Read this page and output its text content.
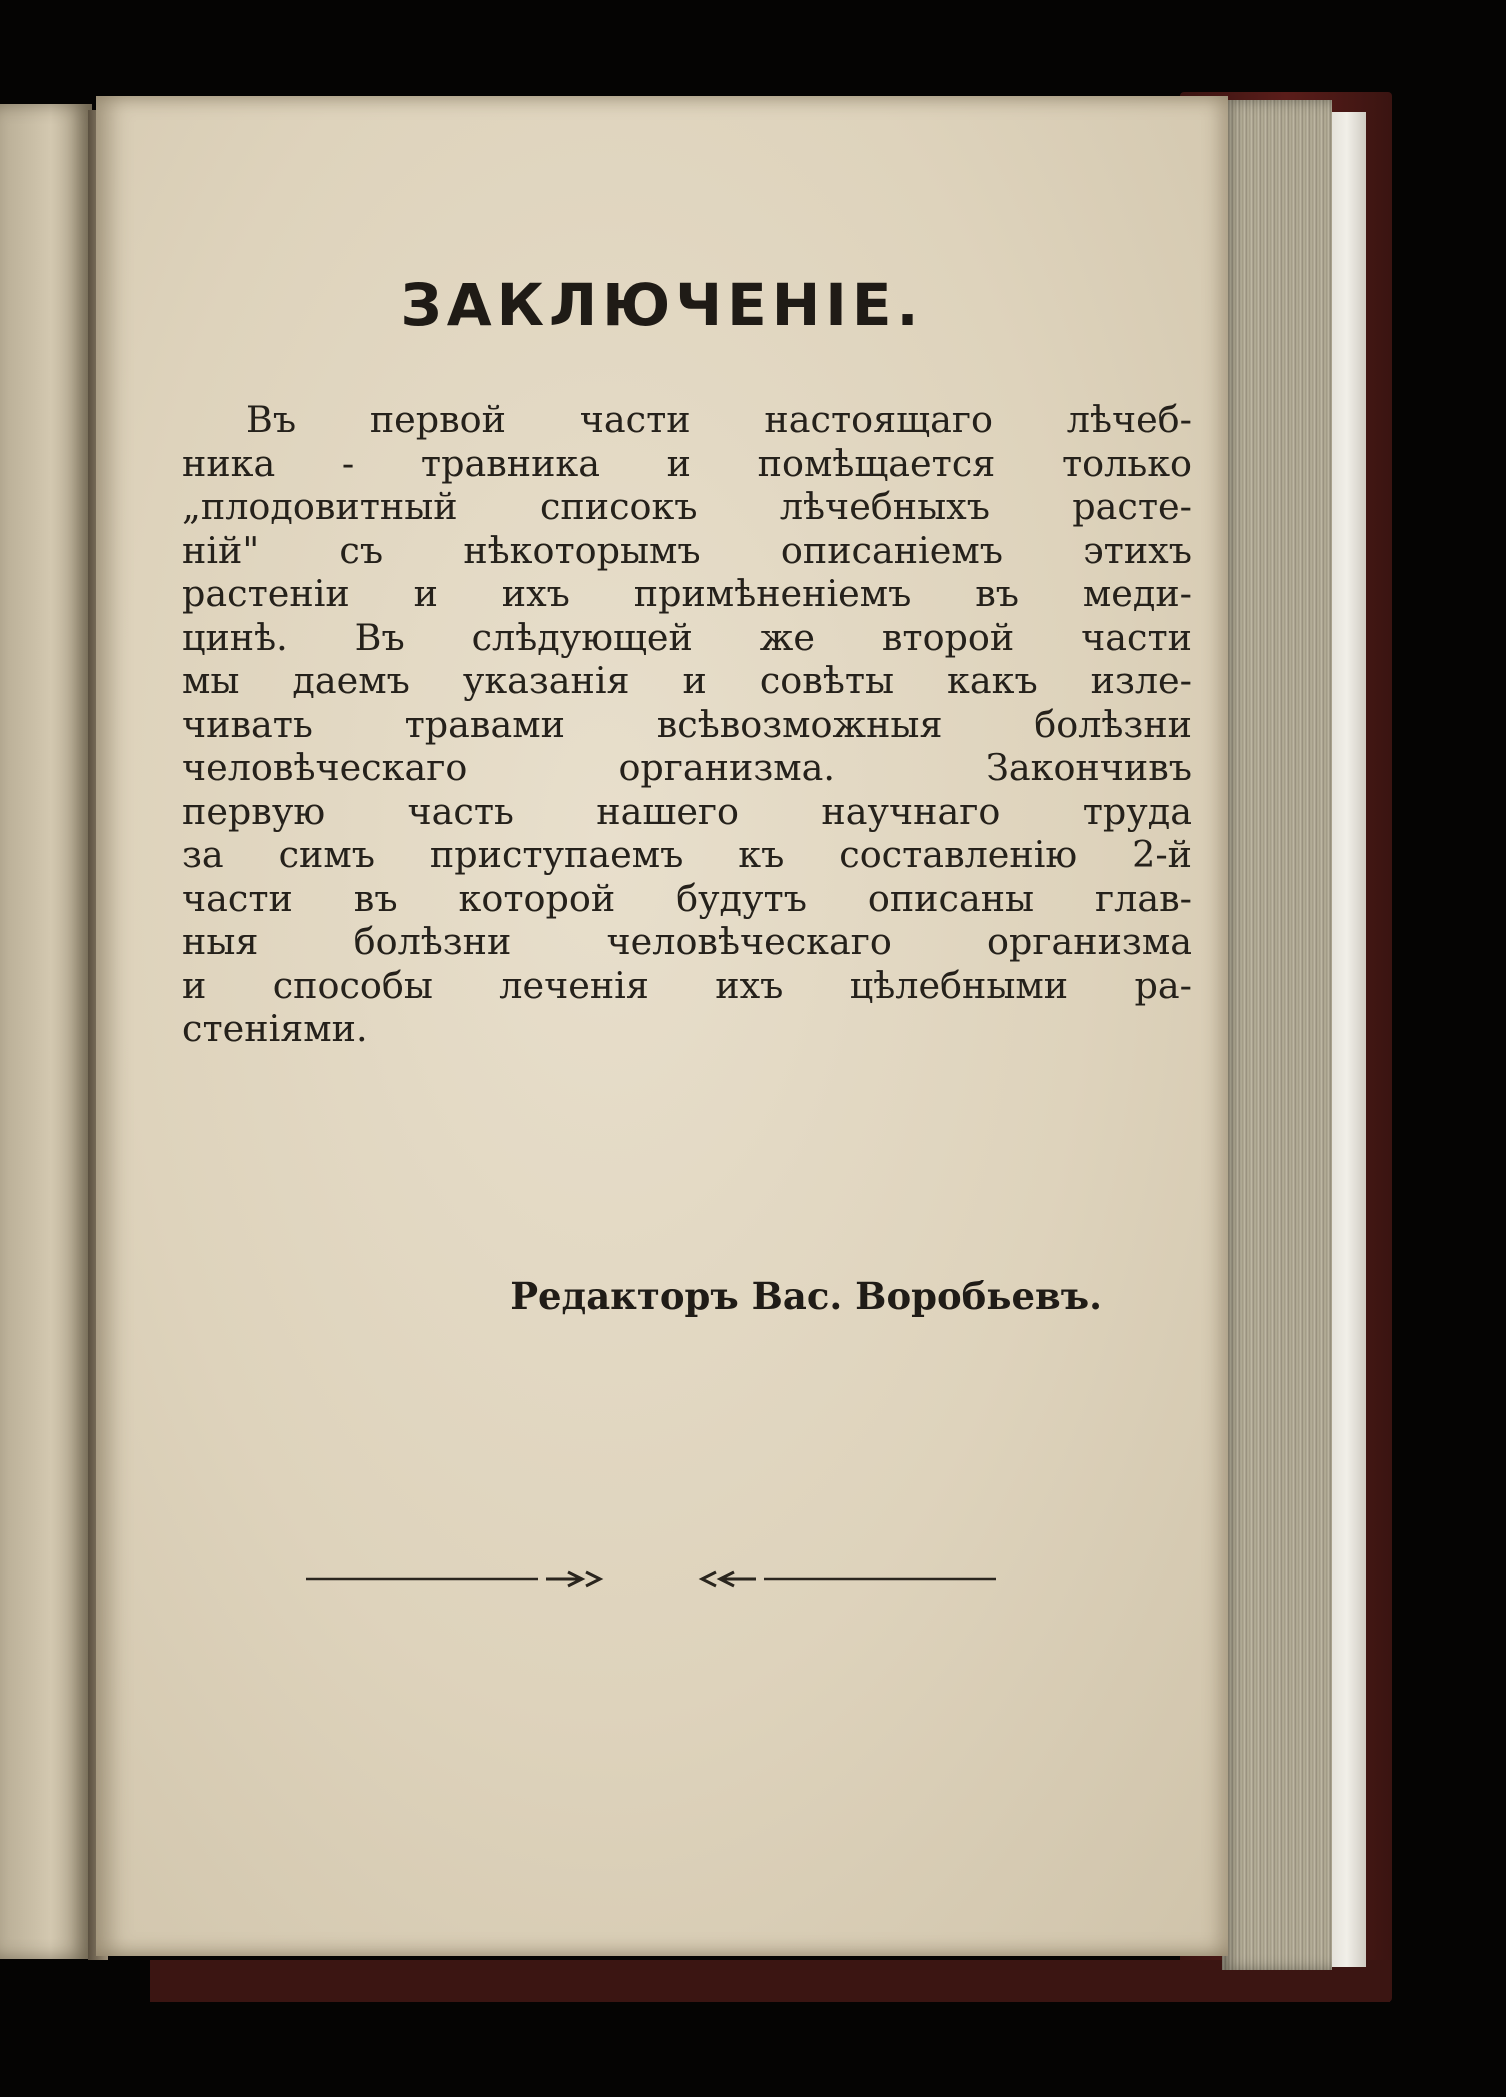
ЗАКЛЮЧЕНІЕ.
Въ первой части настоящаго лѣчеб-
ника - травника и помѣщается только
„плодовитный списокъ лѣчебныхъ расте-
ній" съ нѣкоторымъ описаніемъ этихъ
растеніи и ихъ примѣненіемъ въ меди-
цинѣ. Въ слѣдующей же второй части
мы даемъ указанія и совѣты какъ изле-
чивать травами всѣвозможныя болѣзни
человѣческаго организма. Закончивъ
первую часть нашего научнаго труда
за симъ приступаемъ къ составленію 2-й
части въ которой будутъ описаны глав-
ныя болѣзни человѣческаго организма
и способы леченія ихъ цѣлебными ра-
стеніями.

Редакторъ Вас. Воробьевъ.
